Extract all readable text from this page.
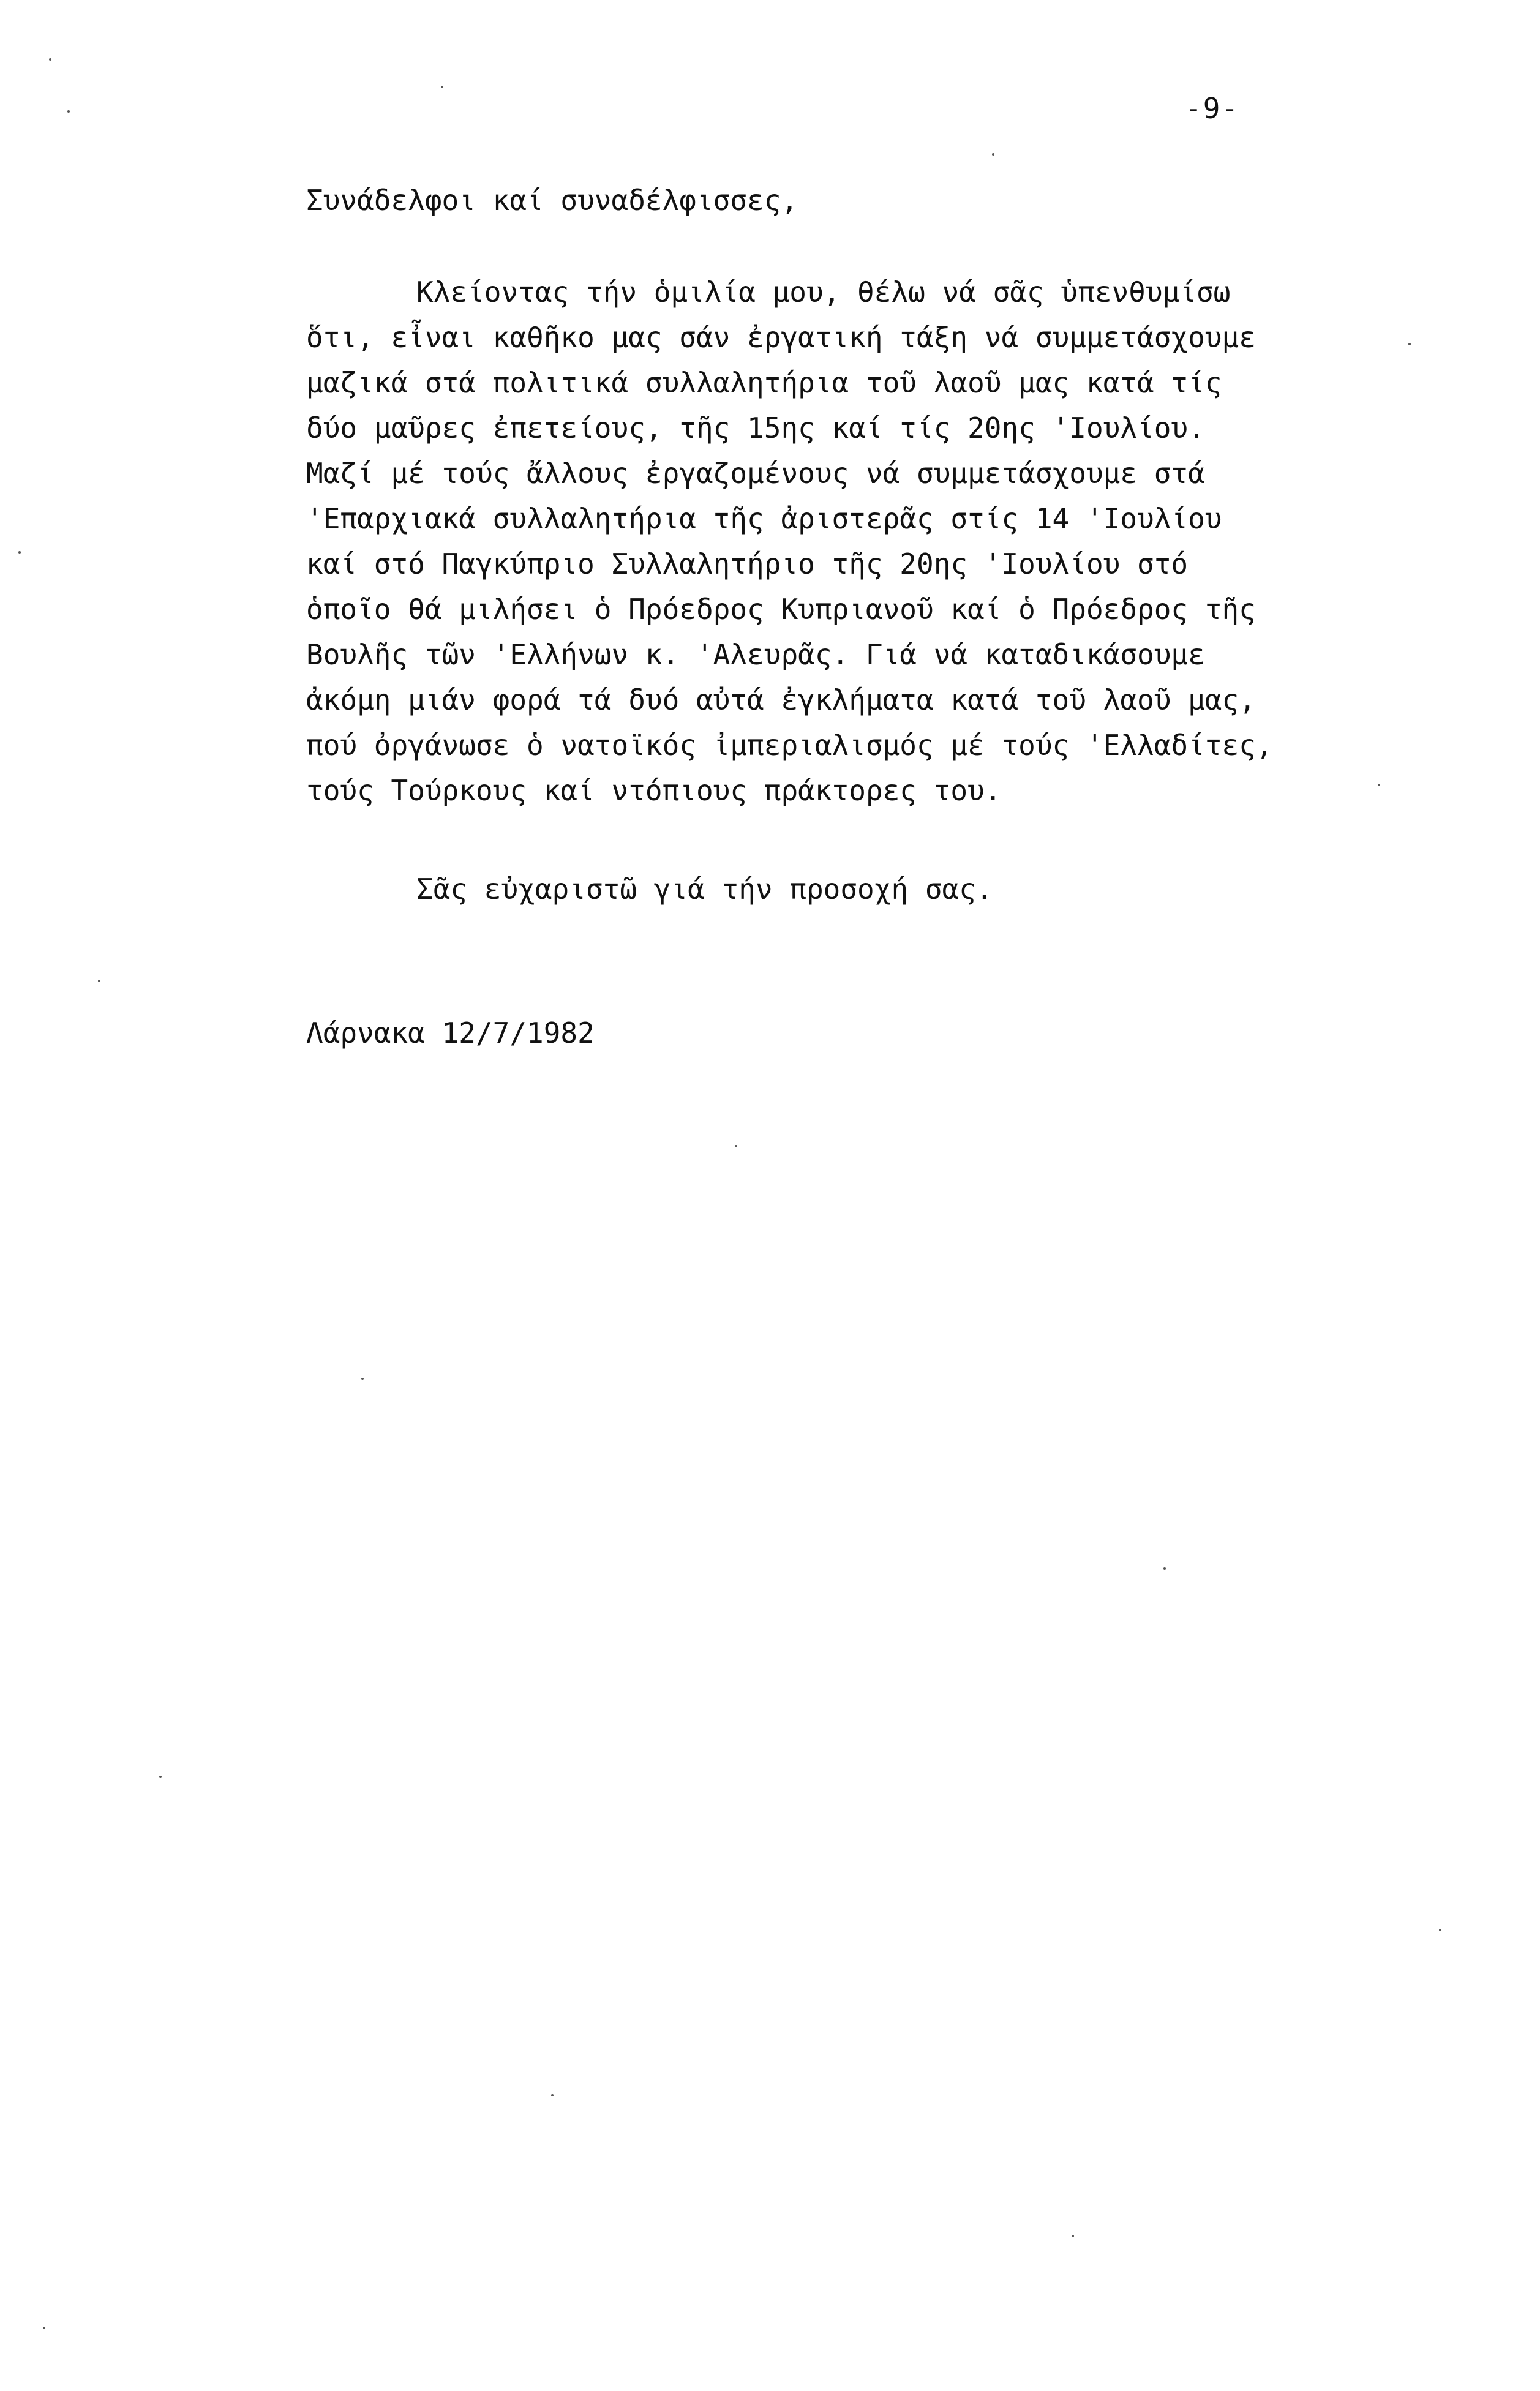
-9-
Συνάδελφοι καί συναδέλφισσες,
Κλείοντας τήν ὁμιλία μου, θέλω νά σᾶς ὑπενθυμίσω
ὅτι, εἶναι καθῆκο μας σάν ἐργατική τάξη νά συμμετάσχουμε
μαζικά στά πολιτικά συλλαλητήρια τοῦ λαοῦ μας κατά τίς
δύο μαῦρες ἐπετείους, τῆς 15ης καί τίς 20ης 'Ιουλίου.
Μαζί μέ τούς ἄλλους ἐργαζομένους νά συμμετάσχουμε στά
'Επαρχιακά συλλαλητήρια τῆς ἀριστερᾶς στίς 14 'Ιουλίου
καί στό Παγκύπριο Συλλαλητήριο τῆς 20ης 'Ιουλίου στό
ὁποῖο θά μιλήσει ὁ Πρόεδρος Κυπριανοῦ καί ὁ Πρόεδρος τῆς
Βουλῆς τῶν 'Ελλήνων κ. 'Αλευρᾶς. Γιά νά καταδικάσουμε
ἀκόμη μιάν φορά τά δυό αὐτά ἐγκλήματα κατά τοῦ λαοῦ μας,
πού ὀργάνωσε ὁ νατοϊκός ἰμπεριαλισμός μέ τούς 'Ελλαδίτες,
τούς Τούρκους καί ντόπιους πράκτορες του.
Σᾶς εὐχαριστῶ γιά τήν προσοχή σας.
Λάρνακα 12/7/1982
